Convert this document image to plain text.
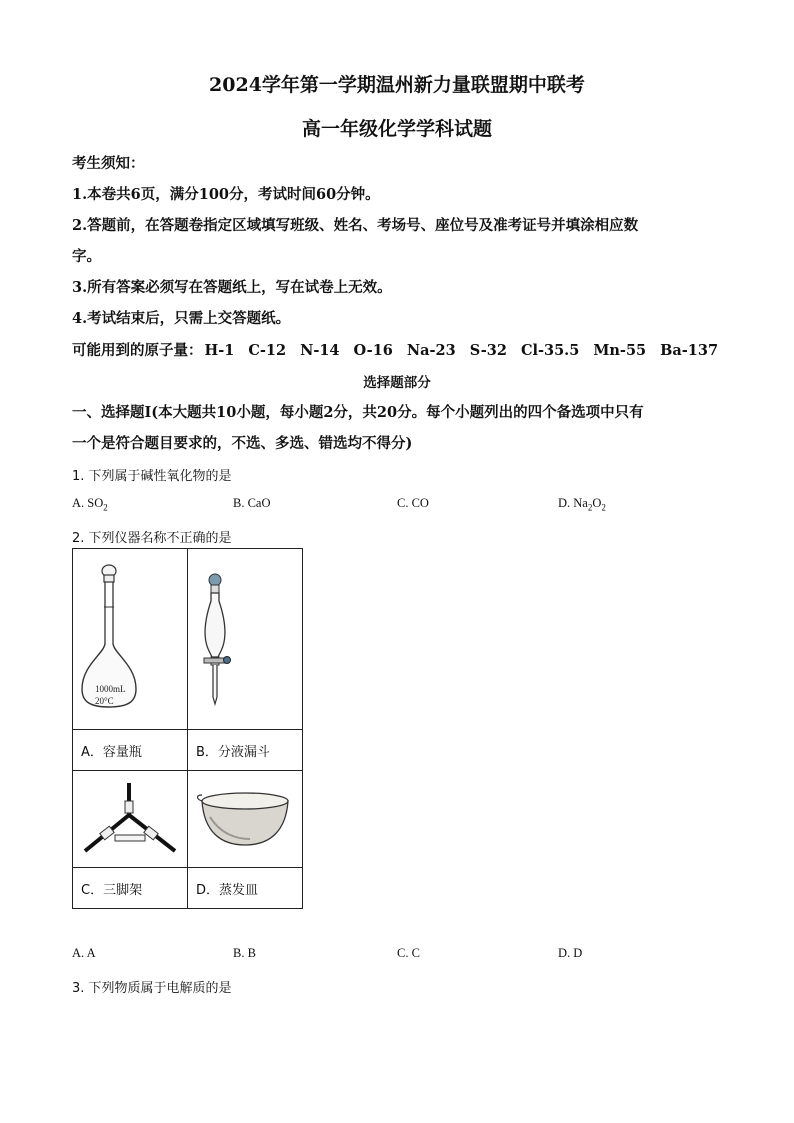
2024学年第一学期温州新力量联盟期中联考
高一年级化学学科试题
考生须知：
1.本卷共6页，满分100分，考试时间60分钟。
2.答题前，在答题卷指定区域填写班级、姓名、考场号、座位号及准考证号并填涂相应数
字。
3.所有答案必须写在答题纸上，写在试卷上无效。
4.考试结束后，只需上交答题纸。
可能用到的原子量： H-1 C-12 N-14 O-16 Na-23 S-32 Cl-35.5 Mn-55 Ba-137
选择题部分
一、选择题Ⅰ(本大题共10小题，每小题2分，共20分。每个小题列出的四个备选项中只有
一个是符合题目要求的，不选、多选、错选均不得分)
1. 下列属于碱性氧化物的是
A. $SO_2$	B. CaO	C. CO	D. $Na_2O_2$
2. 下列仪器名称不正确的是
1000mL
20°C

A．容量瓶	B．分液漏斗

C．三脚架	D．蒸发皿
A. A	B. B	C. C	D. D
3. 下列物质属于电解质的是
